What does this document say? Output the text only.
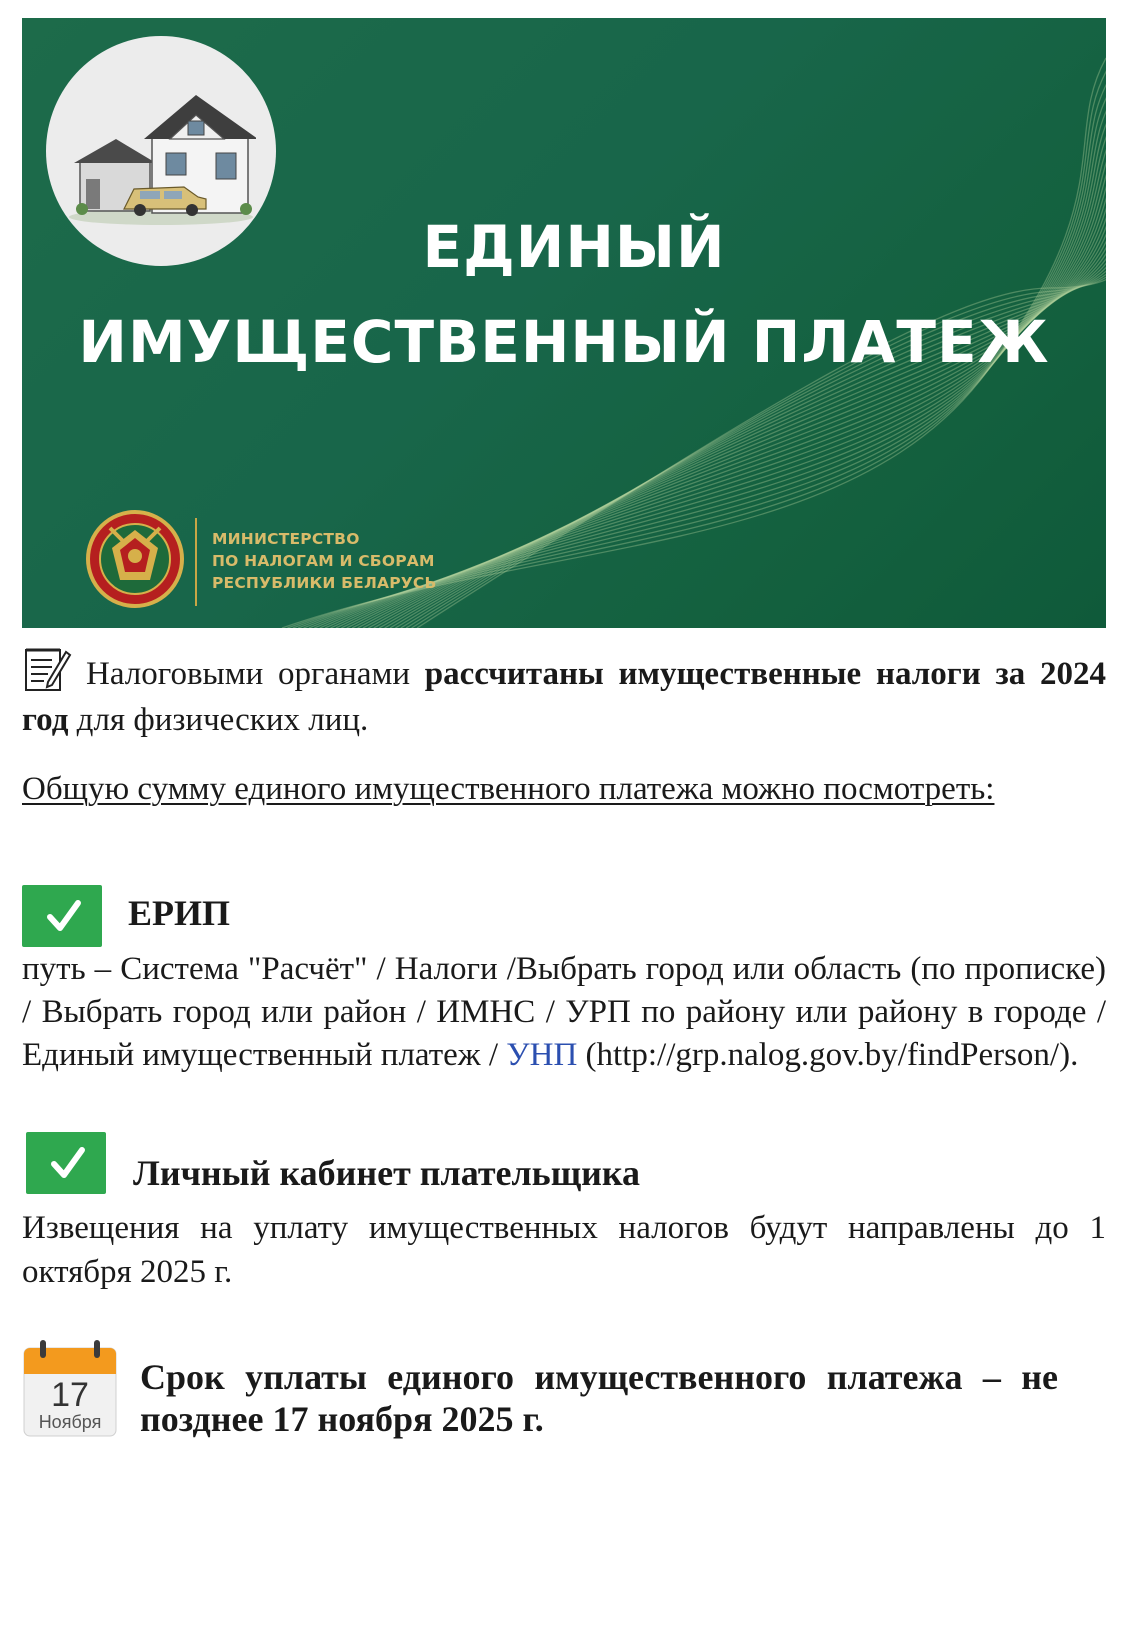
ЕДИНЫЙ
ИМУЩЕСТВЕННЫЙ ПЛАТЕЖ
МИНИСТЕРСТВО
ПО НАЛОГАМ И СБОРАМ
РЕСПУБЛИКИ БЕЛАРУСЬ
Налоговыми органами рассчитаны имущественные налоги за 2024 год для физических лиц.
Общую сумму единого имущественного платежа можно посмотреть:
ЕРИП
путь – Система "Расчёт" / Налоги /Выбрать город или область (по прописке) / Выбрать город или район / ИМНС / УРП по району или району в городе / Единый имущественный платеж / УНП (http://grp.nalog.gov.by/findPerson/).
Личный кабинет плательщика
Извещения на уплату имущественных налогов будут направлены до 1 октября 2025 г.
17
Ноября
Срок уплаты единого имущественного платежа – не позднее 17 ноября 2025 г.
